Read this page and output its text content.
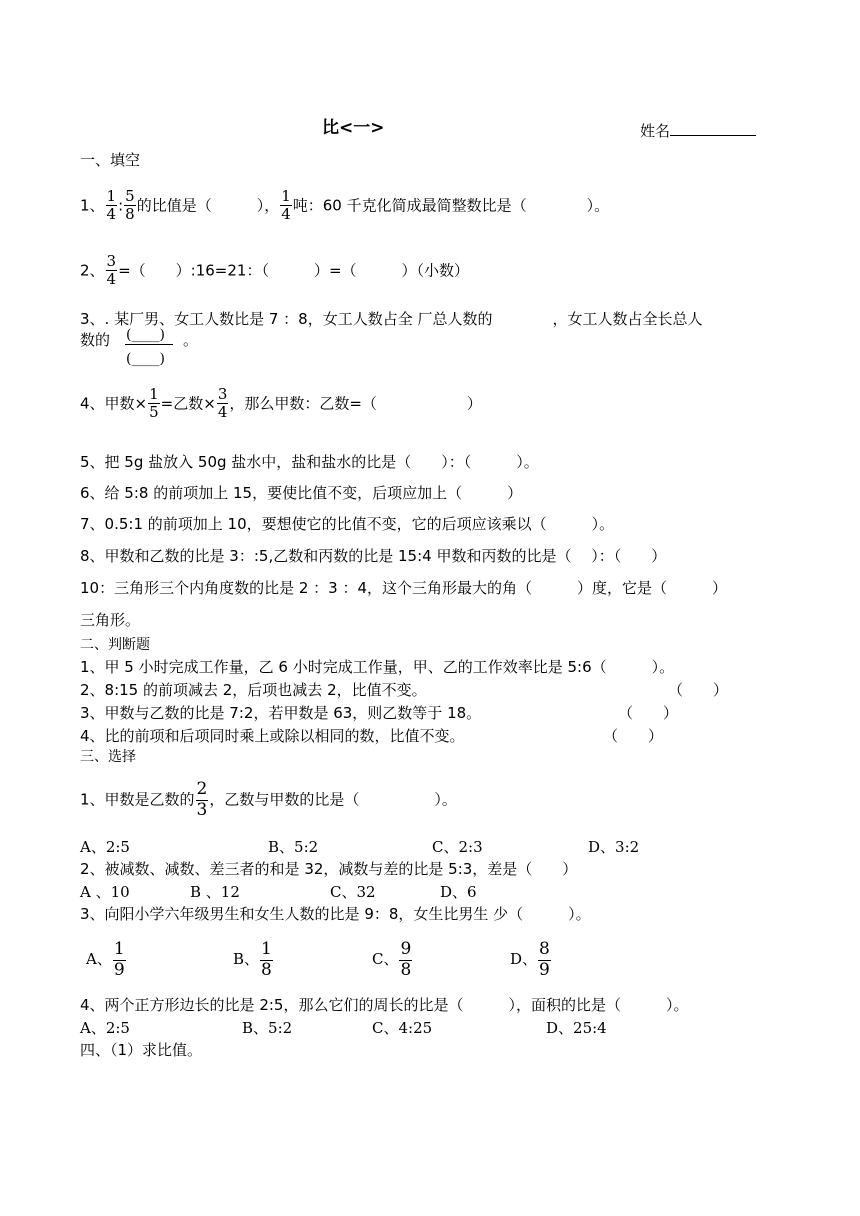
比<一>	姓名
一、填空
1、 $\frac{1}{4}$ : $\frac{5}{8}$ 的比值是（　　　）， $\frac{1}{4}$ 吨：60 千克化简成最简整数比是（　　　　）。
2、 $\frac{3}{4}$ =（　　）:16=21：（　　　）=（　　　）（小数）
3、. 某厂男、女工人数比是 7 ：8，女工人数占全 厂总人数的　　　　，女工人数占全长总人
数的 (____)
(____)
。
4、甲数× $\frac{1}{5}$ =乙数× $\frac{3}{4}$ ，那么甲数：乙数=（　　　　　　）
5、把 5g 盐放入 50g 盐水中，盐和盐水的比是（　　）：（　　　）。
6、给 5:8 的前项加上 15，要使比值不变，后项应加上（　　　）
7、0.5:1 的前项加上 10，要想使它的比值不变，它的后项应该乘以（　　　）。
8、甲数和乙数的比是 3：:5,乙数和丙数的比是 15:4 甲数和丙数的比是（　 ）：（　　）
10：三角形三个内角度数的比是 2 ：3 ：4，这个三角形最大的角（　　　）度，它是（　　　）
三角形。
二、判断题
1、甲 5 小时完成工作量，乙 6 小时完成工作量，甲、乙的工作效率比是 5:6（　　　）。
2、8:15 的前项减去 2，后项也减去 2，比值不变。	（　　）
3、甲数与乙数的比是 7:2，若甲数是 63，则乙数等于 18。	（　　）
4、比的前项和后项同时乘上或除以相同的数，比值不变。	（　　）
三、选择
1、甲数是乙数的 $\frac{2}{3}$ ，乙数与甲数的比是（　　　　　）。
A、2:5	B、5:2	C、2:3	D、3:2
2、被减数、减数、差三者的和是 32，减数与差的比是 5:3，差是（　　）
A 、10	B 、12	C、32	D、6
3、向阳小学六年级男生和女生人数的比是 9：8，女生比男生 少（　　　）。
A、 $\frac{1}{9}$	B、 $\frac{1}{8}$	C、 $\frac{9}{8}$	D、 $\frac{8}{9}$
4、两个正方形边长的比是 2:5，那么它们的周长的比是（　　　），面积的比是（　　　）。
A、2:5	B、5:2	C、4:25	D、25:4
四、（1）求比值。
